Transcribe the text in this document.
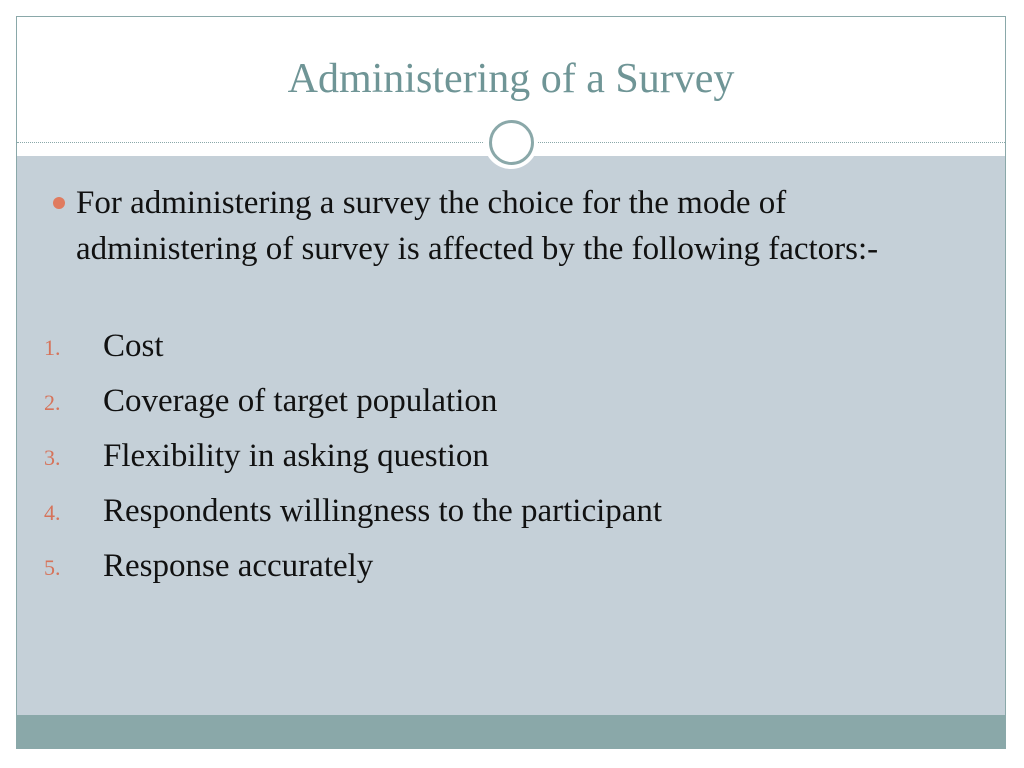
Administering of a Survey

For administering a survey the choice for the mode of administering of survey is affected by the following factors:-

1. Cost
2. Coverage of target population
3. Flexibility in asking question
4. Respondents willingness to the participant
5. Response accurately
